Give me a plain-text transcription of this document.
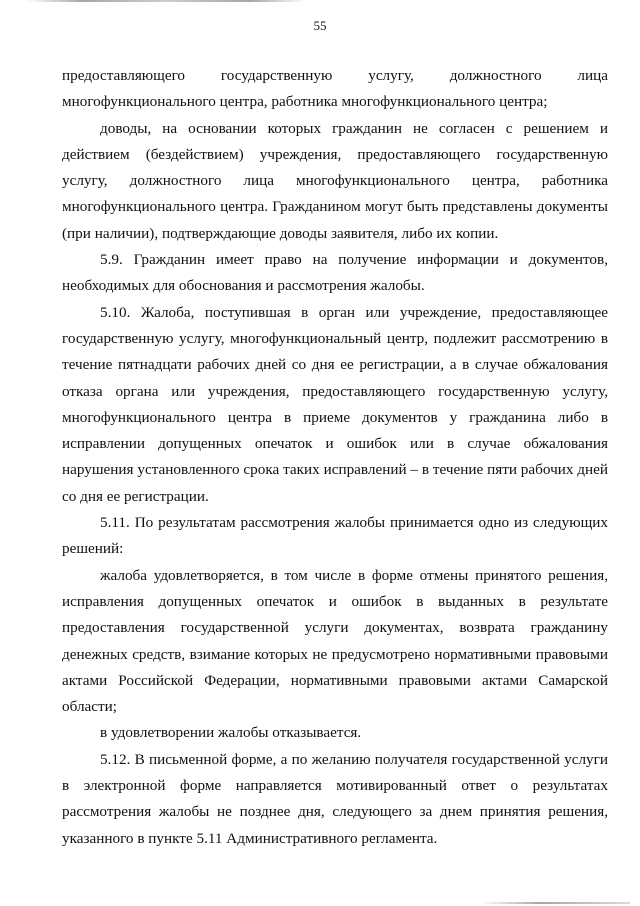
55

предоставляющего государственную услугу, должностного лица многофункционального центра, работника многофункционального центра;

доводы, на основании которых гражданин не согласен с решением и действием (бездействием) учреждения, предоставляющего государственную услугу, должностного лица многофункционального центра, работника многофункционального центра. Гражданином могут быть представлены документы (при наличии), подтверждающие доводы заявителя, либо их копии.

5.9. Гражданин имеет право на получение информации и документов, необходимых для обоснования и рассмотрения жалобы.

5.10. Жалоба, поступившая в орган или учреждение, предоставляющее государственную услугу, многофункциональный центр, подлежит рассмотрению в течение пятнадцати рабочих дней со дня ее регистрации, а в случае обжалования отказа органа или учреждения, предоставляющего государственную услугу, многофункционального центра в приеме документов у гражданина либо в исправлении допущенных опечаток и ошибок или в случае обжалования нарушения установленного срока таких исправлений – в течение пяти рабочих дней со дня ее регистрации.

5.11. По результатам рассмотрения жалобы принимается одно из следующих решений:

жалоба удовлетворяется, в том числе в форме отмены принятого решения, исправления допущенных опечаток и ошибок в выданных в результате предоставления государственной услуги документах, возврата гражданину денежных средств, взимание которых не предусмотрено нормативными правовыми актами Российской Федерации, нормативными правовыми актами Самарской области;

в удовлетворении жалобы отказывается.

5.12. В письменной форме, а по желанию получателя государственной услуги в электронной форме направляется мотивированный ответ о результатах рассмотрения жалобы не позднее дня, следующего за днем принятия решения, указанного в пункте 5.11 Административного регламента.
